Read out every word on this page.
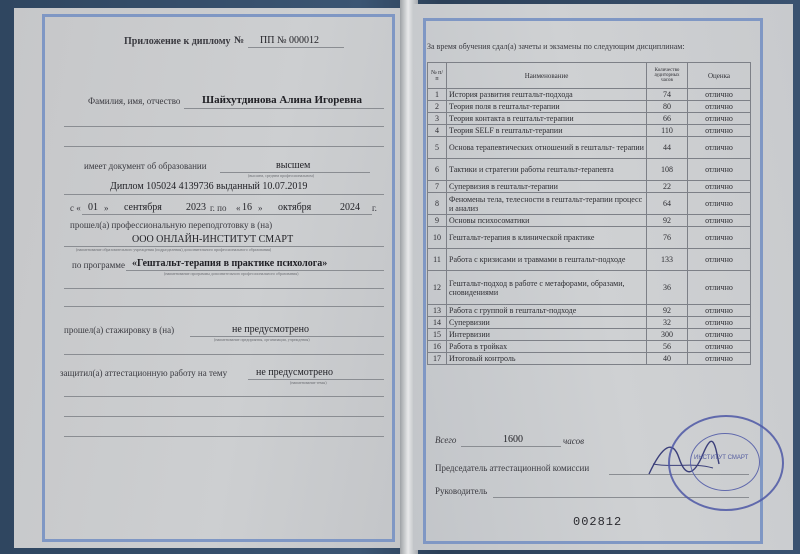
Приложение к диплому № ПП № 000012
Фамилия, имя, отчество Шайхутдинова Алина Игоревна
имеет документ об образовании	высшем
(высшем, среднем профессиональном)
Диплом 105024 4139736 выданный 10.07.2019
с « 01 » сентября 2023 г. по « 16 » октября	2024 г.
прошел(а) профессиональную переподготовку в (на)
ООО ОНЛАЙН-ИНСТИТУТ СМАРТ
(наименование образовательного учреждения (подразделения) дополнительного профессионального образования)
по программе «Гештальт-терапия в практике психолога»
(наименование программы дополнительного профессионального образования)
прошел(а) стажировку в (на)	не предусмотрено
(наименование предприятия, организации, учреждения)
защитил(а) аттестационную работу на тему	не предусмотрено
(наименование темы)
За время обучения сдал(а) зачеты и экзамены по следующим дисциплинам:
№ п/п	Наименование	Количество аудиторных часов	Оценка
1	История развития гештальт-подхода	74	отлично
2	Теория поля в гештальт-терапии	80	отлично
3	Теория контакта в гештальт-терапии	66	отлично
4	Теория SELF в гештальт-терапии	110	отлично
5	Основа терапевтических отношений в гештальт- терапии	44	отлично
6	Тактики и стратегии работы гештальт-терапевта	108	отлично
7	Супервизия в гештальт-терапии	22	отлично
8	Феномены тела, телесности в гештальт-терапии процесс и анализ	64	отлично
9	Основы психосоматики	92	отлично
10	Гештальт-терапия в клинической практике	76	отлично
11	Работа с кризисами и травмами в гештальт-подходе	133	отлично
12	Гештальт-подход в работе с метафорами, образами, сновидениями	36	отлично
13	Работа с группой в гештальт-подходе	92	отлично
14	Супервизии	32	отлично
15	Интервизии	300	отлично
16	Работа в тройках	56	отлично
17	Итоговый контроль	40	отлично
Всего	1600	часов
Председатель аттестационной комиссии
Руководитель
002812
ИНСТИТУТ СМАРТ
